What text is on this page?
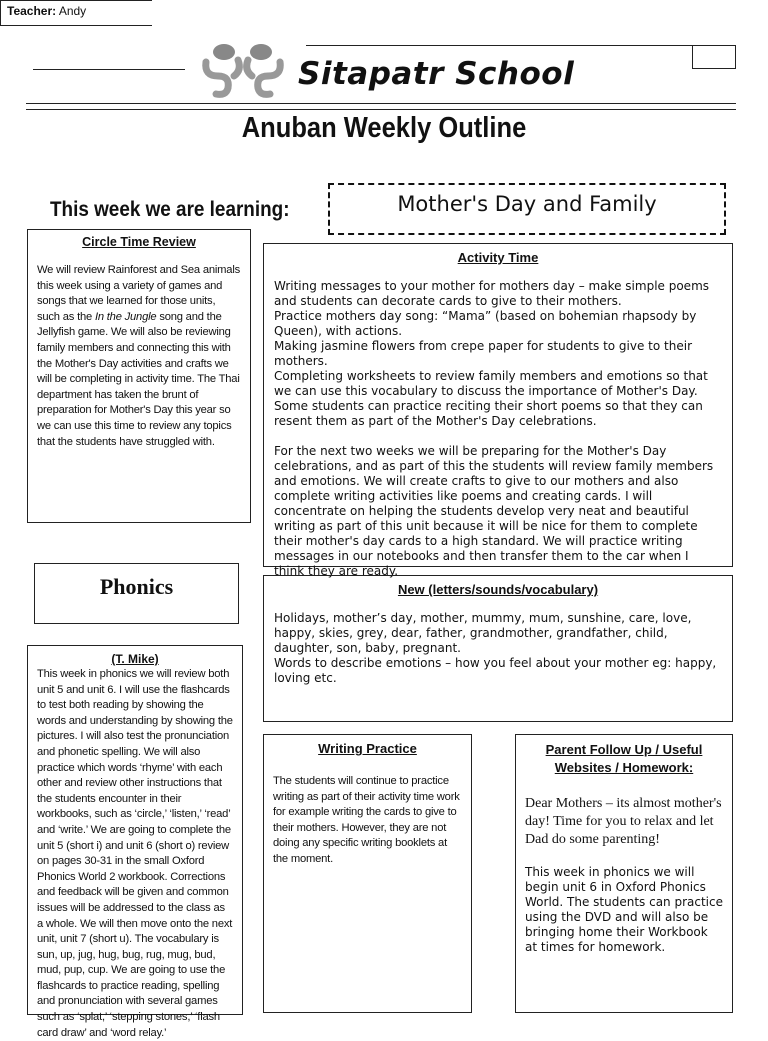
Teacher: Andy
Sitapatr School
Anuban Weekly Outline
This week we are learning:	Mother's Day and Family
Circle Time Review

We will review Rainforest and Sea animals this week using a variety of games and songs that we learned for those units, such as the In the Jungle song and the Jellyfish game. We will also be reviewing family members and connecting this with the Mother's Day activities and crafts we will be completing in activity time. The Thai department has taken the brunt of preparation for Mother's Day this year so we can use this time to review any topics that the students have struggled with.

Activity Time

Writing messages to your mother for mothers day – make simple poems and students can decorate cards to give to their mothers.

Practice mothers day song: “Mama” (based on bohemian rhapsody by Queen), with actions.

Making jasmine flowers from crepe paper for students to give to their mothers.

Completing worksheets to review family members and emotions so that we can use this vocabulary to discuss the importance of Mother's Day.

Some students can practice reciting their short poems so that they can resent them as part of the Mother's Day celebrations.

For the next two weeks we will be preparing for the Mother's Day celebrations, and as part of this the students will review family members and emotions. We will create crafts to give to our mothers and also complete writing activities like poems and creating cards. I will concentrate on helping the students develop very neat and beautiful writing as part of this unit because it will be nice for them to complete their mother's day cards to a high standard. We will practice writing messages in our notebooks and then transfer them to the car when I think they are ready.

Phonics
(T. Mike)

This week in phonics we will review both unit 5 and unit 6. I will use the flashcards to test both reading by showing the words and understanding by showing the pictures. I will also test the pronunciation and phonetic spelling. We will also practice which words ‘rhyme’ with each other and review other instructions that the students encounter in their workbooks, such as ‘circle,’ ‘listen,’ ‘read’ and ‘write.’ We are going to complete the unit 5 (short i) and unit 6 (short o) review on pages 30-31 in the small Oxford Phonics World 2 workbook. Corrections and feedback will be given and common issues will be addressed to the class as a whole. We will then move onto the next unit, unit 7 (short u). The vocabulary is sun, up, jug, hug, bug, rug, mug, bud, mud, pup, cup. We are going to use the flashcards to practice reading, spelling and pronunciation with several games such as ‘splat,’ ‘stepping stones,’ ‘flash card draw’ and ‘word relay.’

New (letters/sounds/vocabulary)

Holidays, mother’s day, mother, mummy, mum, sunshine, care, love, happy, skies, grey, dear, father, grandmother, grandfather, child, daughter, son, baby, pregnant.

Words to describe emotions – how you feel about your mother eg: happy, loving etc.

Writing Practice

The students will continue to practice writing as part of their activity time work for example writing the cards to give to their mothers. However, they are not doing any specific writing booklets at the moment.

Parent Follow Up / Useful Websites / Homework:

Dear Mothers – its almost mother's day! Time for you to relax and let Dad do some parenting!

This week in phonics we will begin unit 6 in Oxford Phonics World. The students can practice using the DVD and will also be bringing home their Workbook at times for homework.
